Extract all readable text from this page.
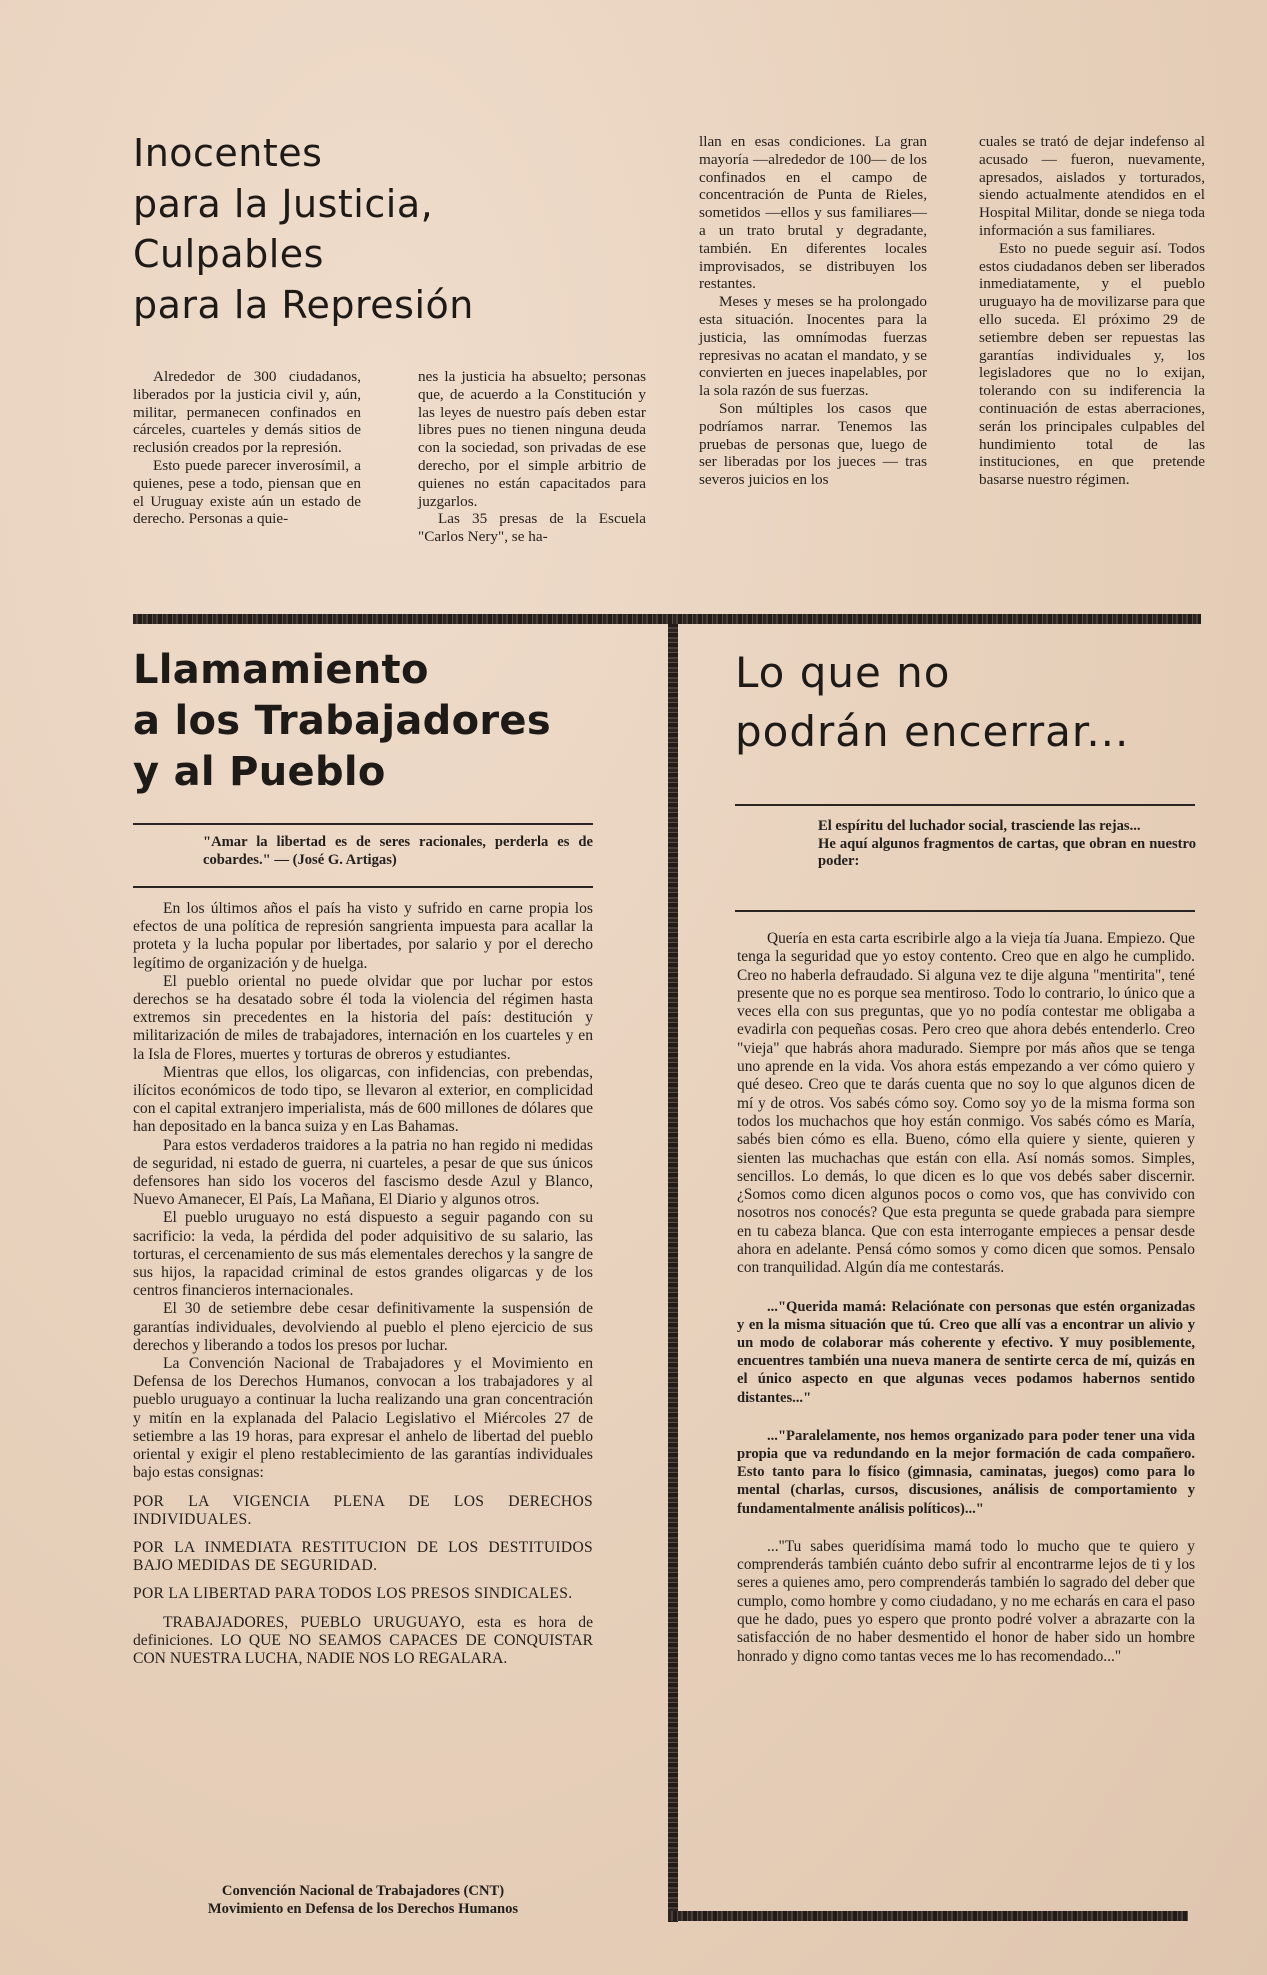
Inocentes
para la Justicia,
Culpables
para la Represión

Alrededor de 300 ciudadanos, liberados por la justicia civil y, aún, militar, permanecen confinados en cárceles, cuarteles y demás sitios de reclusión creados por la represión.

Esto puede parecer inverosímil, a quienes, pese a todo, piensan que en el Uruguay existe aún un estado de derecho. Personas a quie-

nes la justicia ha absuelto; personas que, de acuerdo a la Constitución y las leyes de nuestro país deben estar libres pues no tienen ninguna deuda con la sociedad, son privadas de ese derecho, por el simple arbitrio de quienes no están capacitados para juzgarlos.

Las 35 presas de la Escuela "Carlos Nery", se ha-

llan en esas condiciones. La gran mayoría —alrededor de 100— de los confinados en el campo de concentración de Punta de Rieles, sometidos —ellos y sus familiares— a un trato brutal y degradante, también. En diferentes locales improvisados, se distribuyen los restantes.

Meses y meses se ha prolongado esta situación. Inocentes para la justicia, las omnímodas fuerzas represivas no acatan el mandato, y se convierten en jueces inapelables, por la sola razón de sus fuerzas.

Son múltiples los casos que podríamos narrar. Tenemos las pruebas de personas que, luego de ser liberadas por los jueces — tras severos juicios en los

cuales se trató de dejar indefenso al acusado — fueron, nuevamente, apresados, aislados y torturados, siendo actualmente atendidos en el Hospital Militar, donde se niega toda información a sus familiares.

Esto no puede seguir así. Todos estos ciudadanos deben ser liberados inmediatamente, y el pueblo uruguayo ha de movilizarse para que ello suceda. El próximo 29 de setiembre deben ser repuestas las garantías individuales y, los legisladores que no lo exijan, tolerando con su indiferencia la continuación de estas aberraciones, serán los principales culpables del hundimiento total de las instituciones, en que pretende basarse nuestro régimen.

Llamamiento
a los Trabajadores
y al Pueblo
"Amar la libertad es de seres racionales, perderla es de cobardes." — (José G. Artigas)

En los últimos años el país ha visto y sufrido en carne propia los efectos de una política de represión sangrienta impuesta para acallar la proteta y la lucha popular por libertades, por salario y por el derecho legítimo de organización y de huelga.

El pueblo oriental no puede olvidar que por luchar por estos derechos se ha desatado sobre él toda la violencia del régimen hasta extremos sin precedentes en la historia del país: destitución y militarización de miles de trabajadores, internación en los cuarteles y en la Isla de Flores, muertes y torturas de obreros y estudiantes.

Mientras que ellos, los oligarcas, con infidencias, con prebendas, ilícitos económicos de todo tipo, se llevaron al exterior, en complicidad con el capital extranjero imperialista, más de 600 millones de dólares que han depositado en la banca suiza y en Las Bahamas.

Para estos verdaderos traidores a la patria no han regido ni medidas de seguridad, ni estado de guerra, ni cuarteles, a pesar de que sus únicos defensores han sido los voceros del fascismo desde Azul y Blanco, Nuevo Amanecer, El País, La Mañana, El Diario y algunos otros.

El pueblo uruguayo no está dispuesto a seguir pagando con su sacrificio: la veda, la pérdida del poder adquisitivo de su salario, las torturas, el cercenamiento de sus más elementales derechos y la sangre de sus hijos, la rapacidad criminal de estos grandes oligarcas y de los centros financieros internacionales.

El 30 de setiembre debe cesar definitivamente la suspensión de garantías individuales, devolviendo al pueblo el pleno ejercicio de sus derechos y liberando a todos los presos por luchar.

La Convención Nacional de Trabajadores y el Movimiento en Defensa de los Derechos Humanos, convocan a los trabajadores y al pueblo uruguayo a continuar la lucha realizando una gran concentración y mitín en la explanada del Palacio Legislativo el Miércoles 27 de setiembre a las 19 horas, para expresar el anhelo de libertad del pueblo oriental y exigir el pleno restablecimiento de las garantías individuales bajo estas consignas:

POR LA VIGENCIA PLENA DE LOS DERECHOS INDIVIDUALES.

POR LA INMEDIATA RESTITUCION DE LOS DESTITUIDOS BAJO MEDIDAS DE SEGURIDAD.

POR LA LIBERTAD PARA TODOS LOS PRESOS SINDICALES.

TRABAJADORES, PUEBLO URUGUAYO, esta es hora de definiciones. LO QUE NO SEAMOS CAPACES DE CONQUISTAR CON NUESTRA LUCHA, NADIE NOS LO REGALARA.

Convención Nacional de Trabajadores (CNT)
Movimiento en Defensa de los Derechos Humanos
Lo que no
podrán encerrar...
El espíritu del luchador social, trasciende las rejas...
He aquí algunos fragmentos de cartas, que obran en nuestro poder:

Quería en esta carta escribirle algo a la vieja tía Juana. Empiezo. Que tenga la seguridad que yo estoy contento. Creo que en algo he cumplido. Creo no haberla defraudado. Si alguna vez te dije alguna "mentirita", tené presente que no es porque sea mentiroso. Todo lo contrario, lo único que a veces ella con sus preguntas, que yo no podía contestar me obligaba a evadirla con pequeñas cosas. Pero creo que ahora debés entenderlo. Creo "vieja" que habrás ahora madurado. Siempre por más años que se tenga uno aprende en la vida. Vos ahora estás empezando a ver cómo quiero y qué deseo. Creo que te darás cuenta que no soy lo que algunos dicen de mí y de otros. Vos sabés cómo soy. Como soy yo de la misma forma son todos los muchachos que hoy están conmigo. Vos sabés cómo es María, sabés bien cómo es ella. Bueno, cómo ella quiere y siente, quieren y sienten las muchachas que están con ella. Así nomás somos. Simples, sencillos. Lo demás, lo que dicen es lo que vos debés saber discernir. ¿Somos como dicen algunos pocos o como vos, que has convivido con nosotros nos conocés? Que esta pregunta se quede grabada para siempre en tu cabeza blanca. Que con esta interrogante empieces a pensar desde ahora en adelante. Pensá cómo somos y como dicen que somos. Pensalo con tranquilidad. Algún día me contestarás.

..."Querida mamá: Relaciónate con personas que estén organizadas y en la misma situación que tú. Creo que allí vas a encontrar un alivio y un modo de colaborar más coherente y efectivo. Y muy posiblemente, encuentres también una nueva manera de sentirte cerca de mí, quizás en el único aspecto en que algunas veces podamos habernos sentido distantes..."

..."Paralelamente, nos hemos organizado para poder tener una vida propia que va redundando en la mejor formación de cada compañero. Esto tanto para lo físico (gimnasia, caminatas, juegos) como para lo mental (charlas, cursos, discusiones, análisis de comportamiento y fundamentalmente análisis políticos)..."

..."Tu sabes queridísima mamá todo lo mucho que te quiero y comprenderás también cuánto debo sufrir al encontrarme lejos de ti y los seres a quienes amo, pero comprenderás también lo sagrado del deber que cumplo, como hombre y como ciudadano, y no me echarás en cara el paso que he dado, pues yo espero que pronto podré volver a abrazarte con la satisfacción de no haber desmentido el honor de haber sido un hombre honrado y digno como tantas veces me lo has recomendado..."
